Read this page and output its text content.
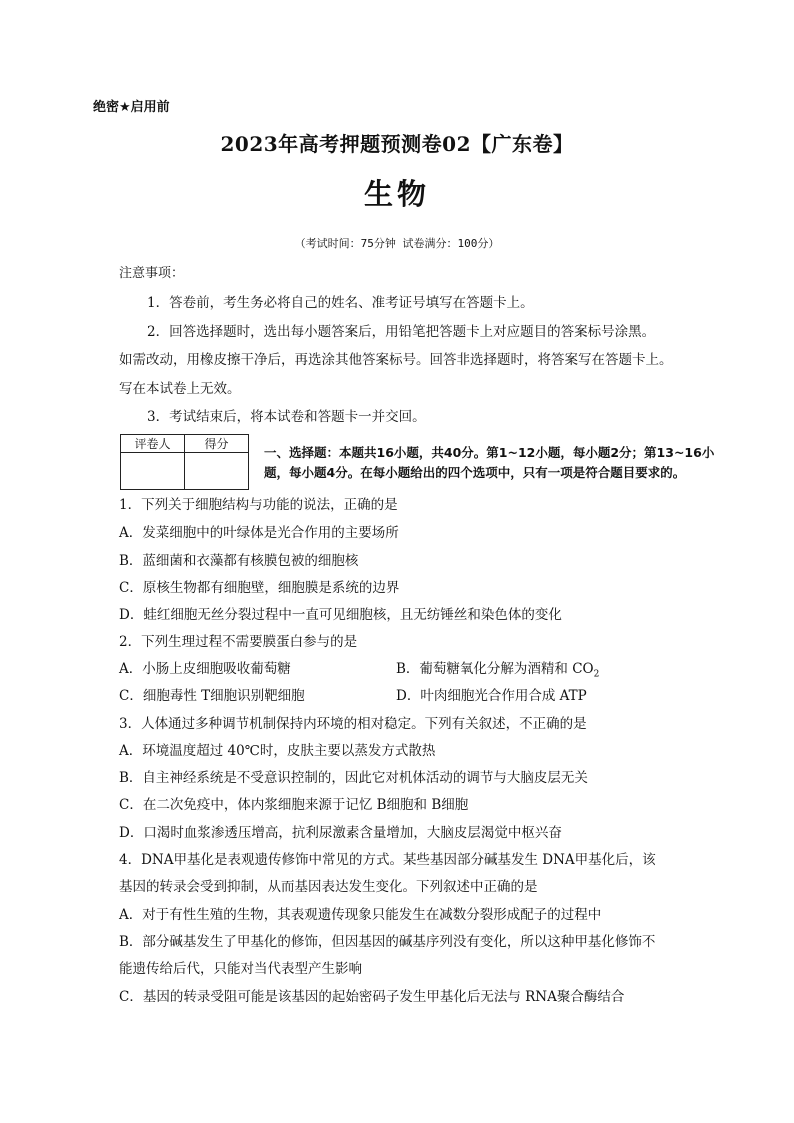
绝密★启用前
2023年高考押题预测卷02【广东卷】
生物
（考试时间：75分钟 试卷满分：100分）
注意事项：
1．答卷前，考生务必将自己的姓名、准考证号填写在答题卡上。
2．回答选择题时，选出每小题答案后，用铅笔把答题卡上对应题目的答案标号涂黑。
如需改动，用橡皮擦干净后，再选涂其他答案标号。回答非选择题时，将答案写在答题卡上。
写在本试卷上无效。
3．考试结束后，将本试卷和答题卡一并交回。
评卷人	得分

一、选择题：本题共16小题，共40分。第1~12小题，每小题2分；第13~16小
题，每小题4分。在每小题给出的四个选项中，只有一项是符合题目要求的。
1．下列关于细胞结构与功能的说法，正确的是
A．发菜细胞中的叶绿体是光合作用的主要场所
B．蓝细菌和衣藻都有核膜包被的细胞核
C．原核生物都有细胞壁，细胞膜是系统的边界
D．蛙红细胞无丝分裂过程中一直可见细胞核，且无纺锤丝和染色体的变化
2．下列生理过程不需要膜蛋白参与的是
A．小肠上皮细胞吸收葡萄糖	B．葡萄糖氧化分解为酒精和 $CO_2$
C．细胞毒性 T细胞识别靶细胞	D．叶肉细胞光合作用合成 ATP
3．人体通过多种调节机制保持内环境的相对稳定。下列有关叙述，不正确的是
A．环境温度超过 40℃时，皮肤主要以蒸发方式散热
B．自主神经系统是不受意识控制的，因此它对机体活动的调节与大脑皮层无关
C．在二次免疫中，体内浆细胞来源于记忆 B细胞和 B细胞
D．口渴时血浆渗透压增高，抗利尿激素含量增加，大脑皮层渴觉中枢兴奋
4．DNA甲基化是表观遗传修饰中常见的方式。某些基因部分碱基发生 DNA甲基化后，该
基因的转录会受到抑制，从而基因表达发生变化。下列叙述中正确的是
A．对于有性生殖的生物，其表观遗传现象只能发生在减数分裂形成配子的过程中
B．部分碱基发生了甲基化的修饰，但因基因的碱基序列没有变化，所以这种甲基化修饰不
能遗传给后代，只能对当代表型产生影响
C．基因的转录受阻可能是该基因的起始密码子发生甲基化后无法与 RNA聚合酶结合
